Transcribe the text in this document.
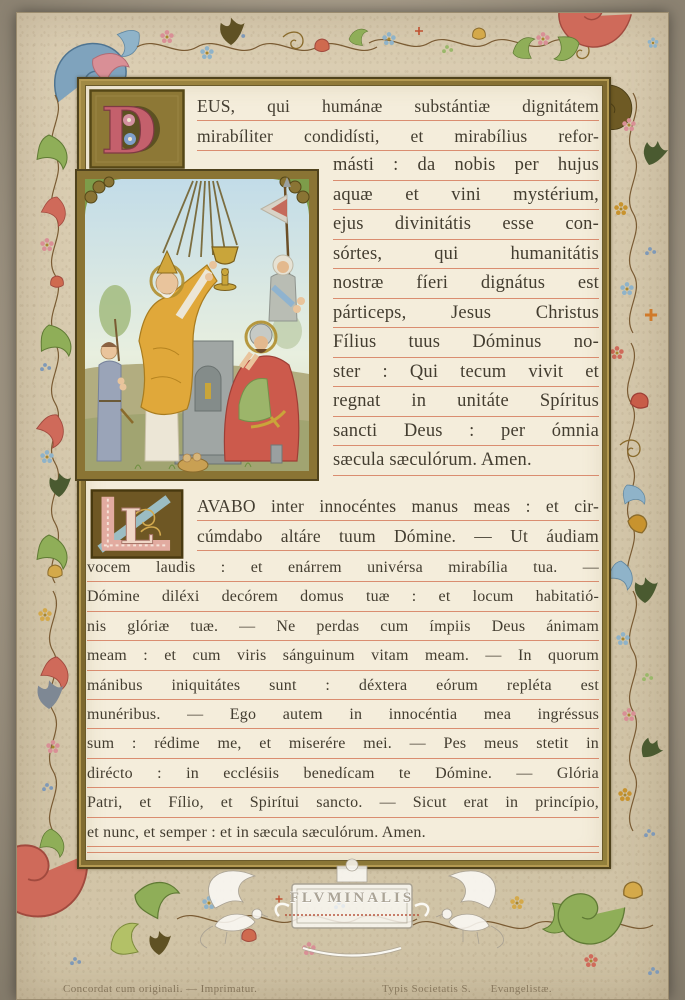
D EUS, qui humánæ substántiæ dignitátem
mirabíliter condidísti, et mirabílius refor-
másti : da nobis per hujus
aquæ et vini mystérium,
ejus divinitátis esse con-
sórtes, qui humanitátis
nostræ fíeri dignátus est
párticeps, Jesus Christus
Fílius tuus Dóminus no-
ster : Qui tecum vivit et
regnat in unitáte Spíritus
sancti Deus : per ómnia
sæcula sæculórum. Amen.
L AVABO inter innocéntes manus meas : et cir-
cúmdabo altáre tuum Dómine. — Ut áudiam
vocem laudis : et enárrem univérsa mirabília tua. —
Dómine diléxi decórem domus tuæ : et locum habitatió-
nis glóriæ tuæ. — Ne perdas cum ímpiis Deus ánimam
meam : et cum viris sánguinum vitam meam. — In quorum
mánibus iniquitátes sunt : déxtera eórum repléta est
munéribus. — Ego autem in innocéntia mea ingréssus
sum : rédime me, et miserére mei. — Pes meus stetit in
dirécto : in ecclésiis benedícam te Dómine. — Glória
Patri, et Fílio, et Spirítui sancto. — Sicut erat in princípio,
et nunc, et semper : et in sæcula sæculórum. Amen.
FLVMINALIS
Concordat cum originali. — Imprimatur.	Typis Societatis S. Evangelistæ.
